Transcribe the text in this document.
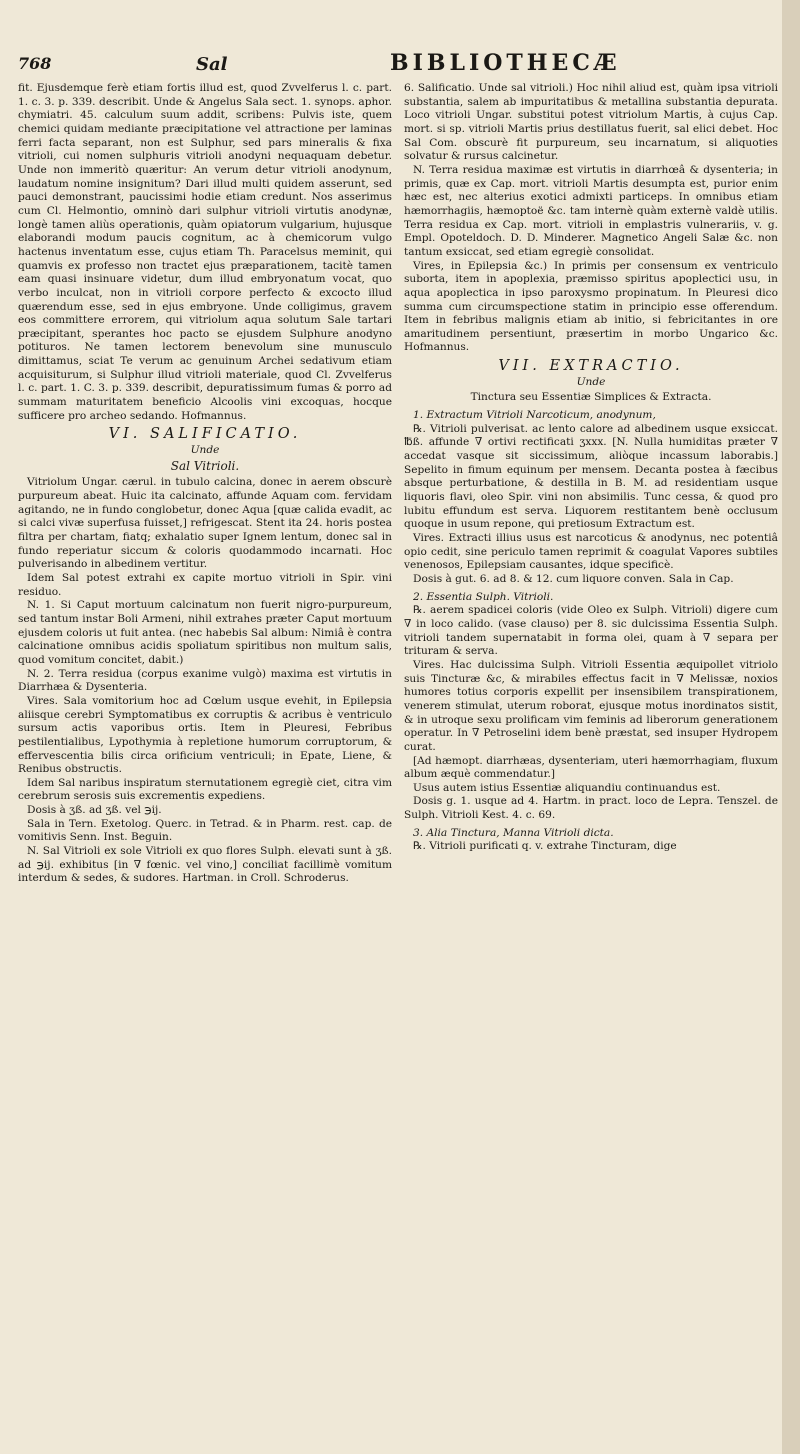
768	Sal	BIBLIOTHECÆ

fit. Ejusdemque ferè etiam fortis illud est, quod Zvvelferus l. c. part. 1. c. 3. p. 339. describit. Unde & Angelus Sala sect. 1. synops. aphor. chymiatri. 45. calculum suum addit, scribens: Pulvis iste, quem chemici quidam mediante præcipitatione vel attractione per laminas ferri facta separant, non est Sulphur, sed pars mineralis & fixa vitrioli, cui nomen sulphuris vitrioli anodyni nequaquam debetur. Unde non immeritò quæritur: An verum detur vitrioli anodynum, laudatum nomine insignitum? Dari illud multi quidem asserunt, sed pauci demonstrant, paucissimi hodie etiam credunt. Nos asserimus cum Cl. Helmontio, omninò dari sulphur vitrioli virtutis anodynæ, longè tamen aliùs operationis, quàm opiatorum vulgarium, hujusque elaborandi modum paucis cognitum, ac à chemicorum vulgo hactenus inventatum esse, cujus etiam Th. Paracelsus meminit, qui quamvis ex professo non tractet ejus præparationem, tacitè tamen eam quasi insinuare videtur, dum illud embryonatum vocat, quo verbo inculcat, non in vitrioli corpore perfecto & excocto illud quærendum esse, sed in ejus embryone. Unde colligimus, gravem eos committere errorem, qui vitriolum aqua solutum Sale tartari præcipitant, sperantes hoc pacto se ejusdem Sulphure anodyno potituros. Ne tamen lectorem benevolum sine munusculo dimittamus, sciat Te verum ac genuinum Archei sedativum etiam acquisiturum, si Sulphur illud vitrioli materiale, quod Cl. Zvvelferus l. c. part. 1. C. 3. p. 339. describit, depuratissimum fumas & porro ad summam maturitatem beneficio Alcoolis vini excoquas, hocque sufficere pro archeo sedando. Hofmannus.

VI. SALIFICATIO.

Unde

Sal Vitrioli.

Vitriolum Ungar. cærul. in tubulo calcina, donec in aerem obscurè purpureum abeat. Huic ita calcinato, affunde Aquam com. fervidam agitando, ne in fundo conglobetur, donec Aqua [quæ calida evadit, ac si calci vivæ superfusa fuisset,] refrigescat. Stent ita 24. horis postea filtra per chartam, fiatq; exhalatio super Ignem lentum, donec sal in fundo reperiatur siccum & coloris quodammodo incarnati. Hoc pulverisando in albedinem vertitur.

Idem Sal potest extrahi ex capite mortuo vitrioli in Spir. vini residuo.

N. 1. Si Caput mortuum calcinatum non fuerit nigro-purpureum, sed tantum instar Boli Armeni, nihil extrahes præter Caput mortuum ejusdem coloris ut fuit antea. (nec habebis Sal album: Nimiâ è contra calcinatione omnibus acidis spoliatum spiritibus non multum salis, quod vomitum concitet, dabit.)

N. 2. Terra residua (corpus exanime vulgò) maxima est virtutis in Diarrhæa & Dysenteria.

Vires. Sala vomitorium hoc ad Cœlum usque evehit, in Epilepsia aliisque cerebri Symptomatibus ex corruptis & acribus è ventriculo sursum actis vaporibus ortis. Item in Pleuresi, Febribus pestilentialibus, Lypothymia à repletione humorum corruptorum, & effervescentia bilis circa orificium ventriculi; in Epate, Liene, & Renibus obstructis.

Idem Sal naribus inspiratum sternutationem egregiè ciet, citra vim cerebrum serosis suis excrementis expediens.

Dosis à ʒß. ad ʒß. vel ℈ij.

Sala in Tern. Exetolog. Querc. in Tetrad. & in Pharm. rest. cap. de vomitivis Senn. Inst. Beguin.

N. Sal Vitrioli ex sole Vitrioli ex quo flores Sulph. elevati sunt à ʒß. ad ℈ij. exhibitus [in ∇ fœnic. vel vino,] conciliat facillimè vomitum interdum & sedes, & sudores. Hartman. in Croll. Schroderus.

6. Salificatio. Unde sal vitrioli.) Hoc nihil aliud est, quàm ipsa vitrioli substantia, salem ab impuritatibus & metallina substantia depurata. Loco vitrioli Ungar. substitui potest vitriolum Martis, à cujus Cap. mort. si sp. vitrioli Martis prius destillatus fuerit, sal elici debet. Hoc Sal Com. obscurè fit purpureum, seu incarnatum, si aliquoties solvatur & rursus calcinetur.

N. Terra residua maximæ est virtutis in diarrhœâ & dysenteria; in primis, quæ ex Cap. mort. vitrioli Martis desumpta est, purior enim hæc est, nec alterius exotici admixti particeps. In omnibus etiam hæmorrhagiis, hæmoptoë &c. tam internè quàm externè valdè utilis. Terra residua ex Cap. mort. vitrioli in emplastris vulnerariis, v. g. Empl. Opoteldoch. D. D. Minderer. Magnetico Angeli Salæ &c. non tantum exsiccat, sed etiam egregiè consolidat.

Vires, in Epilepsia &c.) In primis per consensum ex ventriculo suborta, item in apoplexia, præmisso spiritus apoplectici usu, in aqua apoplectica in ipso paroxysmo propinatum. In Pleuresi dico summa cum circumspectione statim in principio esse offerendum. Item in febribus malignis etiam ab initio, si febricitantes in ore amaritudinem persentiunt, præsertim in morbo Ungarico &c. Hofmannus.

VII. EXTRACTIO.

Unde

Tinctura seu Essentiæ Simplices & Extracta.

1. Extractum Vitrioli Narcoticum, anodynum,

℞. Vitrioli pulverisat. ac lento calore ad albedinem usque exsiccat. ℔ß. affunde ∇ ortivi rectificati ʒxxx. [N. Nulla humiditas præter ∇ accedat vasque sit siccissimum, aliòque incassum laborabis.] Sepelito in fimum equinum per mensem. Decanta postea à fæcibus absque perturbatione, & destilla in B. M. ad residentiam usque liquoris flavi, oleo Spir. vini non absimilis. Tunc cessa, & quod pro lubitu effundum est serva. Liquorem restitantem benè occlusum quoque in usum repone, qui pretiosum Extractum est.

Vires. Extracti illius usus est narcoticus & anodynus, nec potentiâ opio cedit, sine periculo tamen reprimit & coagulat Vapores subtiles venenosos, Epilepsiam causantes, idque specificè.

Dosis à gut. 6. ad 8. & 12. cum liquore conven. Sala in Cap.

2. Essentia Sulph. Vitrioli.

℞. aerem spadicei coloris (vide Oleo ex Sulph. Vitrioli) digere cum ∇ in loco calido. (vase clauso) per 8. sic dulcissima Essentia Sulph. vitrioli tandem supernatabit in forma olei, quam à ∇ separa per trituram & serva.

Vires. Hac dulcissima Sulph. Vitrioli Essentia æquipollet vitriolo suis Tincturæ &c, & mirabiles effectus facit in ∇ Melissæ, noxios humores totius corporis expellit per insensibilem transpirationem, venerem stimulat, uterum roborat, ejusque motus inordinatos sistit, & in utroque sexu prolificam vim feminis ad liberorum generationem operatur. In ∇ Petroselini idem benè præstat, sed insuper Hydropem curat.

[Ad hæmopt. diarrhæas, dysenteriam, uteri hæmorrhagiam, fluxum album æquè commendatur.]

Usus autem istius Essentiæ aliquandiu continuandus est.

Dosis g. 1. usque ad 4. Hartm. in pract. loco de Lepra. Tenszel. de Sulph. Vitrioli Kest. 4. c. 69.

3. Alia Tinctura, Manna Vitrioli dicta.

℞. Vitrioli purificati q. v. extrahe Tincturam, dige
